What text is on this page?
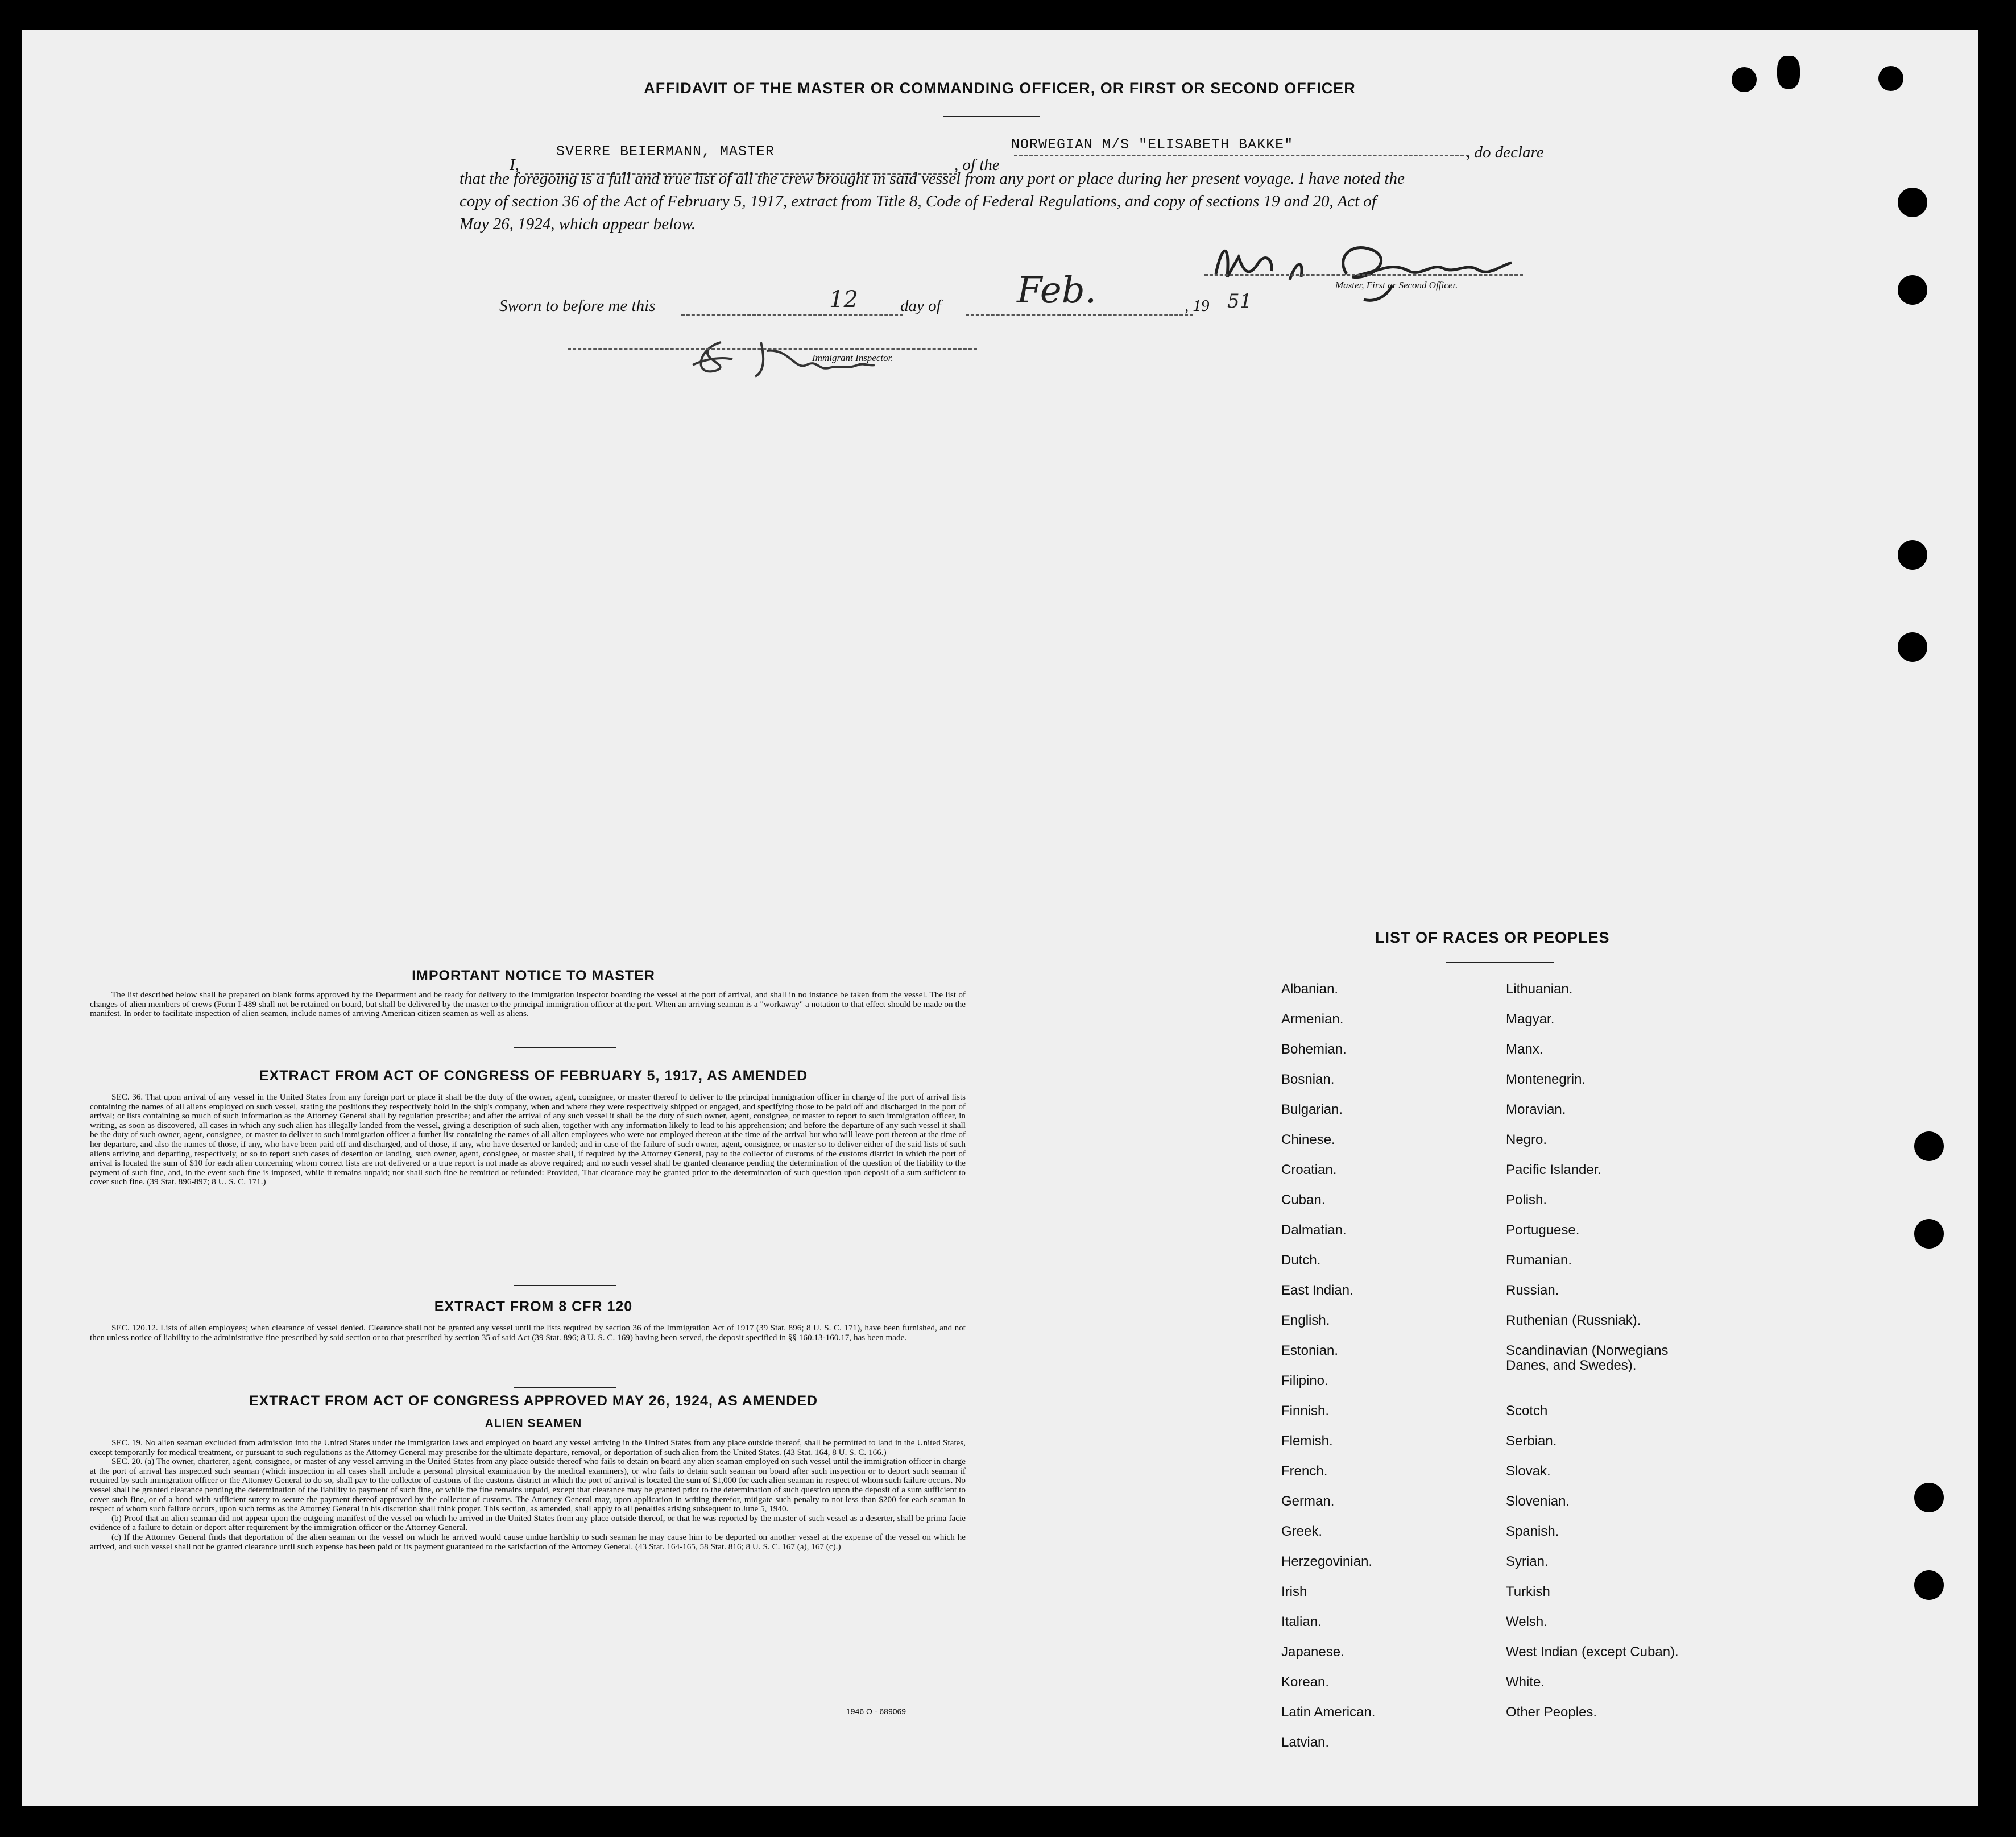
AFFIDAVIT OF THE MASTER OR COMMANDING OFFICER, OR FIRST OR SECOND OFFICER
I,
SVERRE BEIERMANN, MASTER
, of the
NORWEGIAN M/S "ELISABETH BAKKE"	, do declare
that the foregoing is a full and true list of all the crew brought in said vessel from any port or place during her present voyage. I have noted the
copy of section 36 of the Act of February 5, 1917, extract from Title 8, Code of Federal Regulations, and copy of sections 19 and 20, Act of
May 26, 1924, which appear below.
Master, First or Second Officer.
Sworn to before me this	12	day of Feb.	, 19 51
Immigrant Inspector.
IMPORTANT NOTICE TO MASTER

The list described below shall be prepared on blank forms approved by the Department and be ready for delivery to the immigration inspector boarding the vessel at the port of arrival, and shall in no instance be taken from the vessel. The list of changes of alien members of crews (Form I-489 shall not be retained on board, but shall be delivered by the master to the principal immigration officer at the port. When an arriving seaman is a "workaway" a notation to that effect should be made on the manifest. In order to facilitate inspection of alien seamen, include names of arriving American citizen seamen as well as aliens.

EXTRACT FROM ACT OF CONGRESS OF FEBRUARY 5, 1917, AS AMENDED

SEC. 36. That upon arrival of any vessel in the United States from any foreign port or place it shall be the duty of the owner, agent, consignee, or master thereof to deliver to the principal immigration officer in charge of the port of arrival lists containing the names of all aliens employed on such vessel, stating the positions they respectively hold in the ship's company, when and where they were respectively shipped or engaged, and specifying those to be paid off and discharged in the port of arrival; or lists containing so much of such information as the Attorney General shall by regulation prescribe; and after the arrival of any such vessel it shall be the duty of such owner, agent, consignee, or master to report to such immigration officer, in writing, as soon as discovered, all cases in which any such alien has illegally landed from the vessel, giving a description of such alien, together with any information likely to lead to his apprehension; and before the departure of any such vessel it shall be the duty of such owner, agent, consignee, or master to deliver to such immigration officer a further list containing the names of all alien employees who were not employed thereon at the time of the arrival but who will leave port thereon at the time of her departure, and also the names of those, if any, who have been paid off and discharged, and of those, if any, who have deserted or landed; and in case of the failure of such owner, agent, consignee, or master so to deliver either of the said lists of such aliens arriving and departing, respectively, or so to report such cases of desertion or landing, such owner, agent, consignee, or master shall, if required by the Attorney General, pay to the collector of customs of the customs district in which the port of arrival is located the sum of $10 for each alien concerning whom correct lists are not delivered or a true report is not made as above required; and no such vessel shall be granted clearance pending the determination of the question of the liability to the payment of such fine, and, in the event such fine is imposed, while it remains unpaid; nor shall such fine be remitted or refunded: Provided, That clearance may be granted prior to the determination of such question upon deposit of a sum sufficient to cover such fine. (39 Stat. 896-897; 8 U. S. C. 171.)

EXTRACT FROM 8 CFR 120

SEC. 120.12. Lists of alien employees; when clearance of vessel denied. Clearance shall not be granted any vessel until the lists required by section 36 of the Immigration Act of 1917 (39 Stat. 896; 8 U. S. C. 171), have been furnished, and not then unless notice of liability to the administrative fine prescribed by said section or to that prescribed by section 35 of said Act (39 Stat. 896; 8 U. S. C. 169) having been served, the deposit specified in §§ 160.13-160.17, has been made.

EXTRACT FROM ACT OF CONGRESS APPROVED MAY 26, 1924, AS AMENDED
ALIEN SEAMEN

SEC. 19. No alien seaman excluded from admission into the United States under the immigration laws and employed on board any vessel arriving in the United States from any place outside thereof, shall be permitted to land in the United States, except temporarily for medical treatment, or pursuant to such regulations as the Attorney General may prescribe for the ultimate departure, removal, or deportation of such alien from the United States. (43 Stat. 164, 8 U. S. C. 166.)

SEC. 20. (a) The owner, charterer, agent, consignee, or master of any vessel arriving in the United States from any place outside thereof who fails to detain on board any alien seaman employed on such vessel until the immigration officer in charge at the port of arrival has inspected such seaman (which inspection in all cases shall include a personal physical examination by the medical examiners), or who fails to detain such seaman on board after such inspection or to deport such seaman if required by such immigration officer or the Attorney General to do so, shall pay to the collector of customs of the customs district in which the port of arrival is located the sum of $1,000 for each alien seaman in respect of whom such failure occurs. No vessel shall be granted clearance pending the determination of the liability to payment of such fine, or while the fine remains unpaid, except that clearance may be granted prior to the determination of such question upon the deposit of a sum sufficient to cover such fine, or of a bond with sufficient surety to secure the payment thereof approved by the collector of customs. The Attorney General may, upon application in writing therefor, mitigate such penalty to not less than $200 for each seaman in respect of whom such failure occurs, upon such terms as the Attorney General in his discretion shall think proper. This section, as amended, shall apply to all penalties arising subsequent to June 5, 1940.

(b) Proof that an alien seaman did not appear upon the outgoing manifest of the vessel on which he arrived in the United States from any place outside thereof, or that he was reported by the master of such vessel as a deserter, shall be prima facie evidence of a failure to detain or deport after requirement by the immigration officer or the Attorney General.

(c) If the Attorney General finds that deportation of the alien seaman on the vessel on which he arrived would cause undue hardship to such seaman he may cause him to be deported on another vessel at the expense of the vessel on which he arrived, and such vessel shall not be granted clearance until such expense has been paid or its payment guaranteed to the satisfaction of the Attorney General. (43 Stat. 164-165, 58 Stat. 816; 8 U. S. C. 167 (a), 167 (c).)

1946 O - 689069
LIST OF RACES OR PEOPLES
Albanian.
Armenian.
Bohemian.
Bosnian.
Bulgarian.
Chinese.
Croatian.
Cuban.
Dalmatian.
Dutch.
East Indian.
English.
Estonian.
Filipino.
Finnish.
Flemish.
French.
German.
Greek.
Herzegovinian.
Irish
Italian.
Japanese.
Korean.
Latin American.
Latvian.
Lithuanian.
Magyar.
Manx.
Montenegrin.
Moravian.
Negro.
Pacific Islander.
Polish.
Portuguese.
Rumanian.
Russian.
Ruthenian (Russniak).
Scandinavian (Norwegians
Danes, and Swedes).
Scotch
Serbian.
Slovak.
Slovenian.
Spanish.
Syrian.
Turkish
Welsh.
West Indian (except Cuban).
White.
Other Peoples.
